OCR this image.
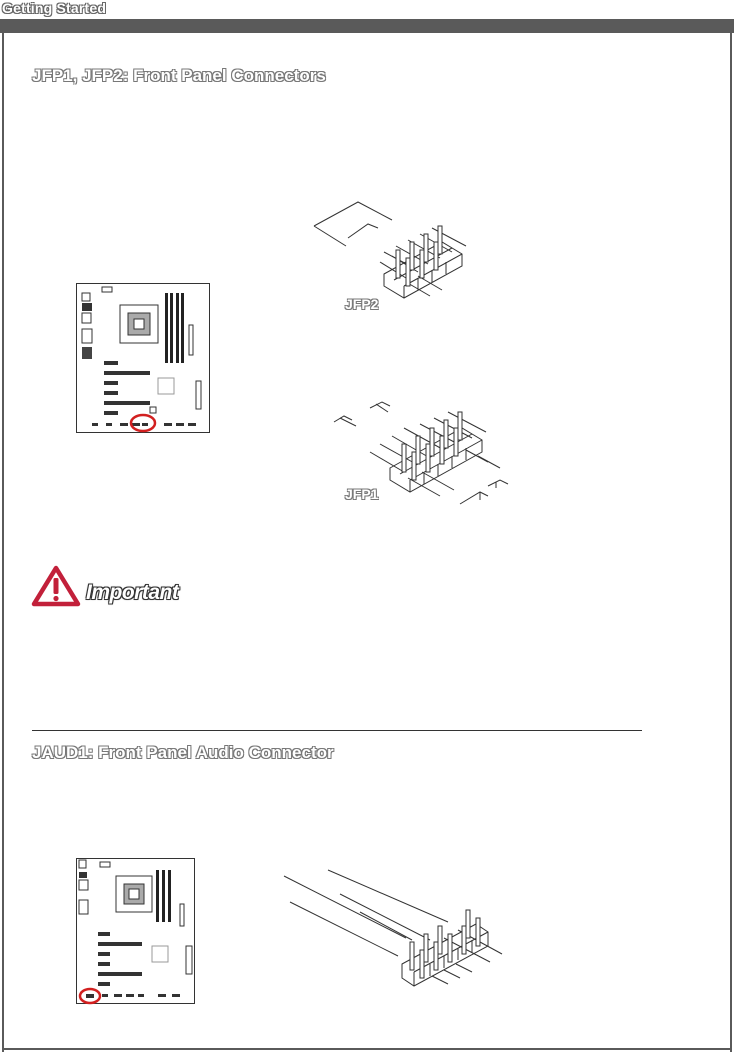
Getting Started
JFP1, JFP2: Front Panel Connectors
JFP2
JFP1
Important
JAUD1: Front Panel Audio Connector
